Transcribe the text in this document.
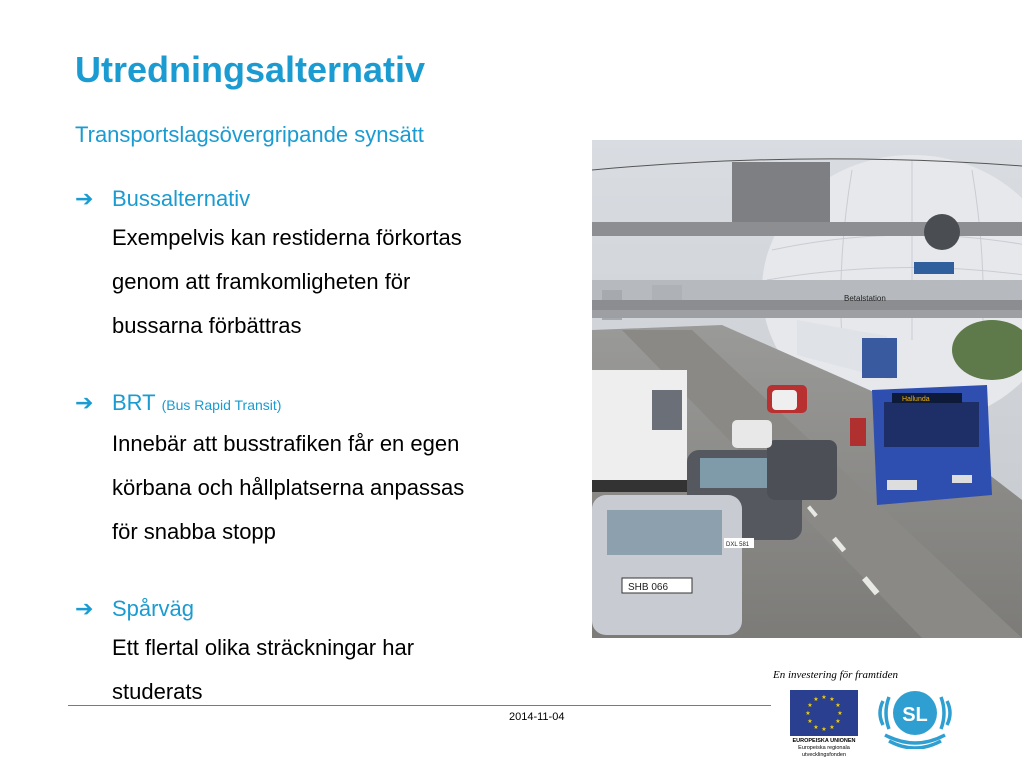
Utredningsalternativ
Transportslagsövergripande synsätt
➔ Bussalternativ
Exempelvis kan restiderna förkortas
genom att framkomligheten för
bussarna förbättras
➔ BRT (Bus Rapid Transit)
Innebär att busstrafiken får en egen
körbana och hållplatserna anpassas
för snabba stopp
➔ Spårväg
Ett flertal olika sträckningar har
studerats
Betalstation
SHB 066
DXL 581
Hallunda
2014-11-04
En investering för framtiden
★ ★
★
★
★
★
★
★
★
★
★
★
EUROPEISKA UNIONEN
Europeiska regionala
utvecklingsfonden
SL
